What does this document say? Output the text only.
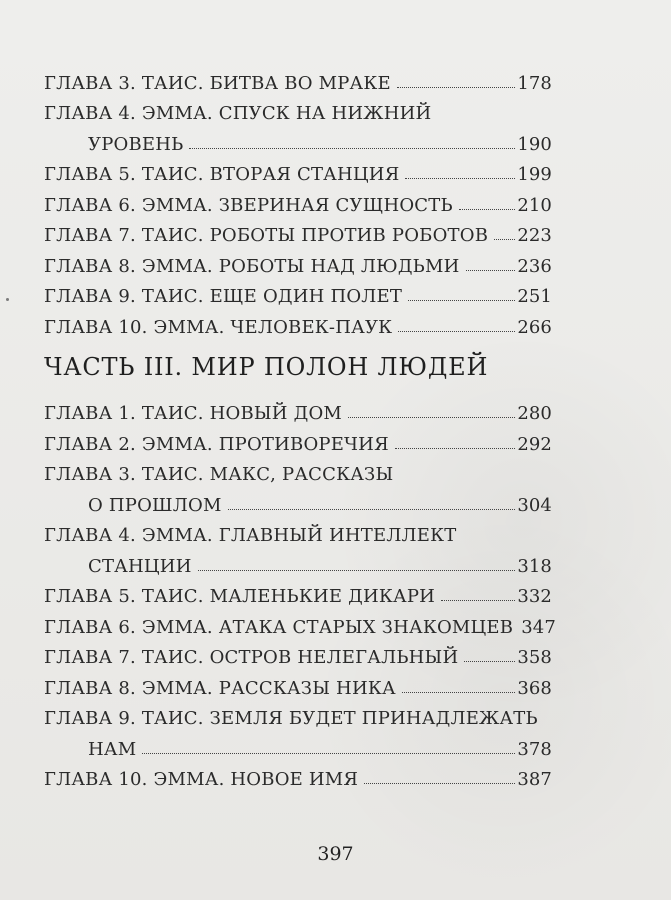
ГЛАВА 3. ТАИС. БИТВА ВО МРАКЕ	178
ГЛАВА 4. ЭММА. СПУСК НА НИЖНИЙ
УРОВЕНЬ	190
ГЛАВА 5. ТАИС. ВТОРАЯ СТАНЦИЯ	199
ГЛАВА 6. ЭММА. ЗВЕРИНАЯ СУЩНОСТЬ	210
ГЛАВА 7. ТАИС. РОБОТЫ ПРОТИВ РОБОТОВ 223
ГЛАВА 8. ЭММА. РОБОТЫ НАД ЛЮДЬМИ	236
ГЛАВА 9. ТАИС. ЕЩЕ ОДИН ПОЛЕТ	251
ГЛАВА 10. ЭММА. ЧЕЛОВЕК-ПАУК	266
ЧАСТЬ III. МИР ПОЛОН ЛЮДЕЙ
ГЛАВА 1. ТАИС. НОВЫЙ ДОМ	280
ГЛАВА 2. ЭММА. ПРОТИВОРЕЧИЯ	292
ГЛАВА 3. ТАИС. МАКС, РАССКАЗЫ
О ПРОШЛОМ	304
ГЛАВА 4. ЭММА. ГЛАВНЫЙ ИНТЕЛЛЕКТ
СТАНЦИИ	318
ГЛАВА 5. ТАИС. МАЛЕНЬКИЕ ДИКАРИ	332
ГЛАВА 6. ЭММА. АТАКА СТАРЫХ ЗНАКОМЦЕВ 347
ГЛАВА 7. ТАИС. ОСТРОВ НЕЛЕГАЛЬНЫЙ	358
ГЛАВА 8. ЭММА. РАССКАЗЫ НИКА	368
ГЛАВА 9. ТАИС. ЗЕМЛЯ БУДЕТ ПРИНАДЛЕЖАТЬ
НАМ	378
ГЛАВА 10. ЭММА. НОВОЕ ИМЯ	387
397
